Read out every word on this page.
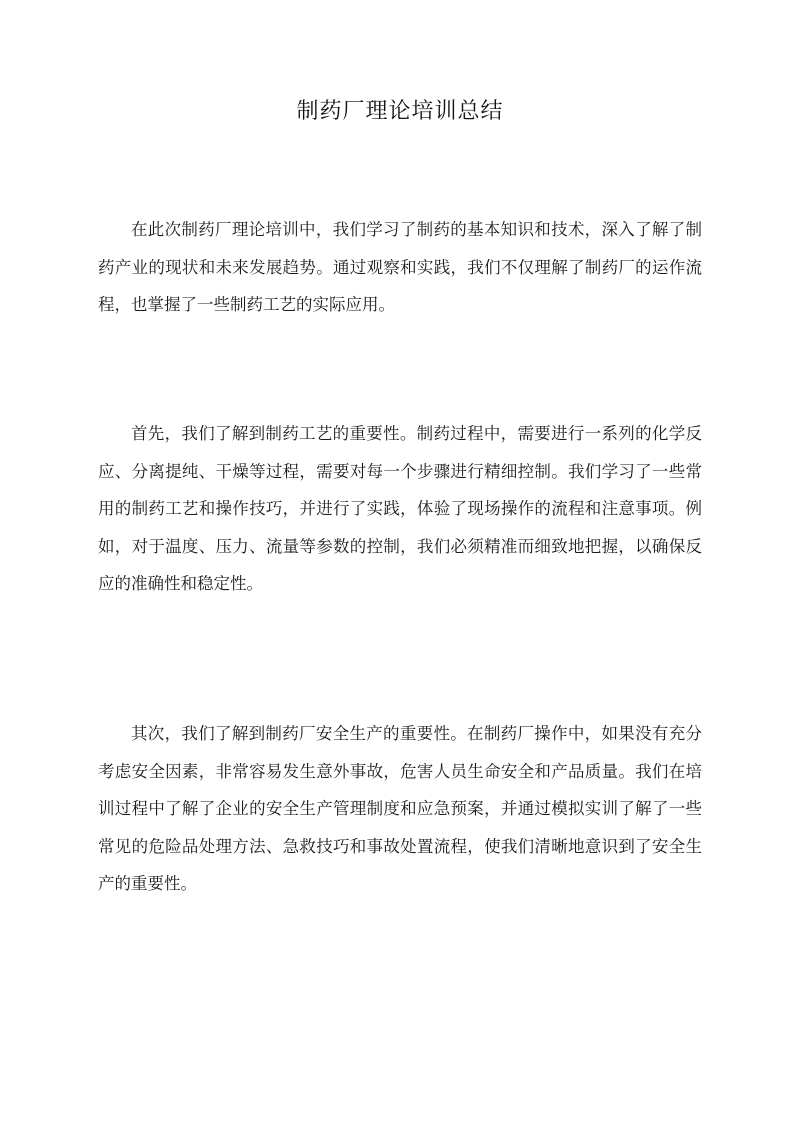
制药厂理论培训总结

在此次制药厂理论培训中，我们学习了制药的基本知识和技术，深入了解了制药产业的现状和未来发展趋势。通过观察和实践，我们不仅理解了制药厂的运作流程，也掌握了一些制药工艺的实际应用。

首先，我们了解到制药工艺的重要性。制药过程中，需要进行一系列的化学反应、分离提纯、干燥等过程，需要对每一个步骤进行精细控制。我们学习了一些常用的制药工艺和操作技巧，并进行了实践，体验了现场操作的流程和注意事项。例如，对于温度、压力、流量等参数的控制，我们必须精准而细致地把握，以确保反应的准确性和稳定性。

其次，我们了解到制药厂安全生产的重要性。在制药厂操作中，如果没有充分考虑安全因素，非常容易发生意外事故，危害人员生命安全和产品质量。我们在培训过程中了解了企业的安全生产管理制度和应急预案，并通过模拟实训了解了一些常见的危险品处理方法、急救技巧和事故处置流程，使我们清晰地意识到了安全生产的重要性。
